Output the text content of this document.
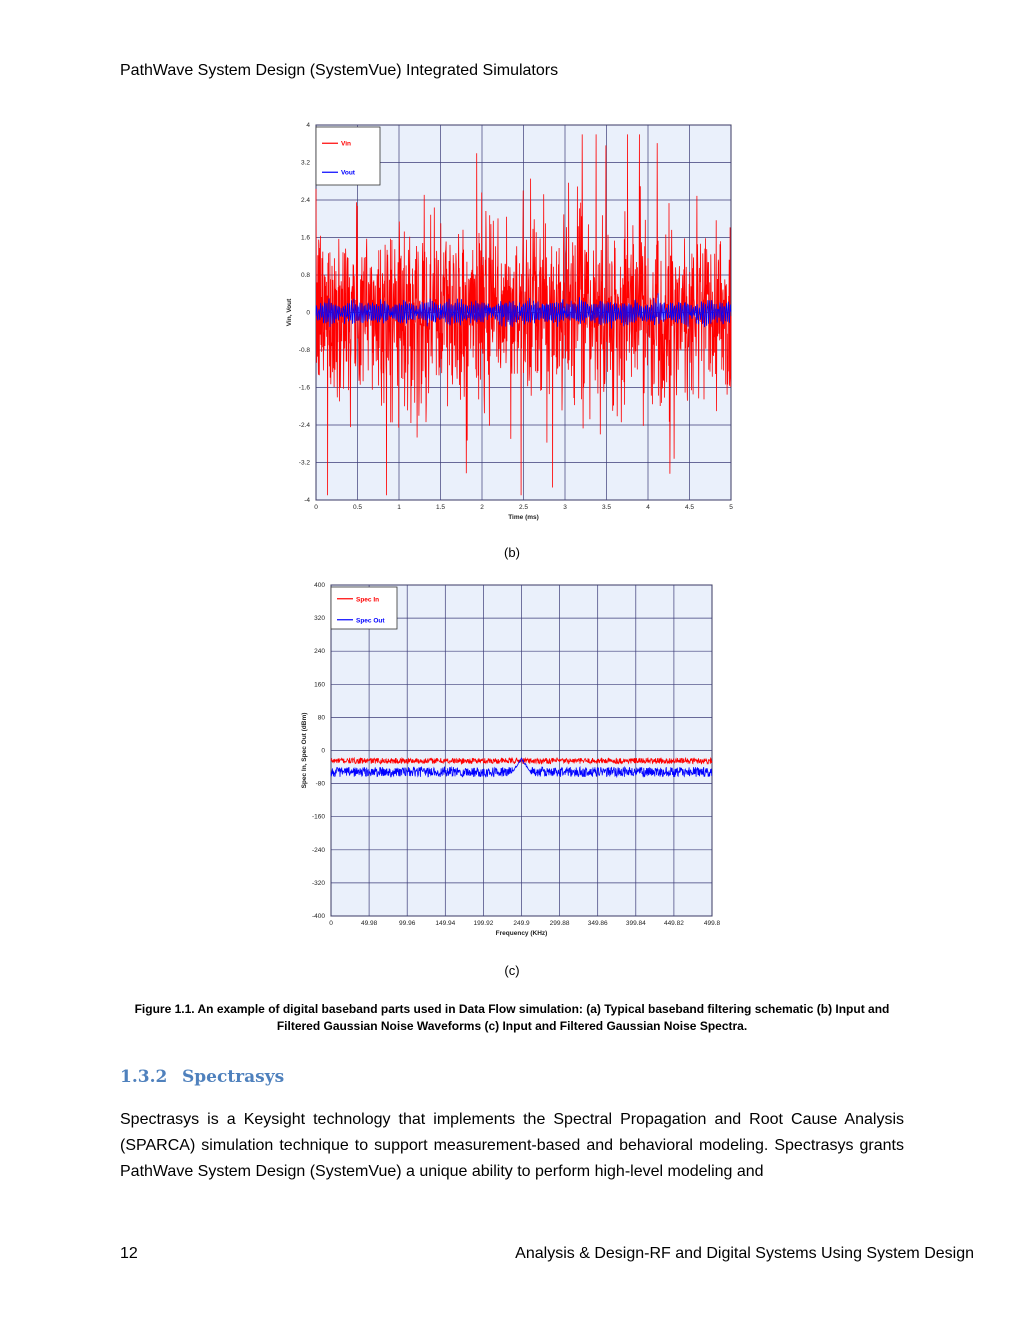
PathWave System Design (SystemVue) Integrated Simulators
0	0.5	1	1.5	2	2.5	3	3.5	4	4.5	5
4
3.2
2.4
1.6
0.8
0
-0.8
-1.6
-2.4
-3.2
-4
Vin
Vout
Time (ms)
Vin, Vout
(b)
0	49.98	99.96	149.94	199.92	249.9	299.88	349.86	399.84	449.82	499.8
400
320
240
160
80
0
-80
-160
-240
-320
-400
Spec In
Spec Out
Frequency (KHz)
Spec In, Spec Out (dBm)
(c)
Figure 1.1. An example of digital baseband parts used in Data Flow simulation: (a) Typical baseband filtering schematic (b) Input and Filtered Gaussian Noise Waveforms (c) Input and Filtered Gaussian Noise Spectra.
1.3.2 Spectrasys
Spectrasys is a Keysight technology that implements the Spectral Propagation and Root Cause Analysis (SPARCA) simulation technique to support measurement-based and behavioral modeling. Spectrasys grants PathWave System Design (SystemVue) a unique ability to perform high-level modeling and
12	Analysis & Design-RF and Digital Systems Using System Design
